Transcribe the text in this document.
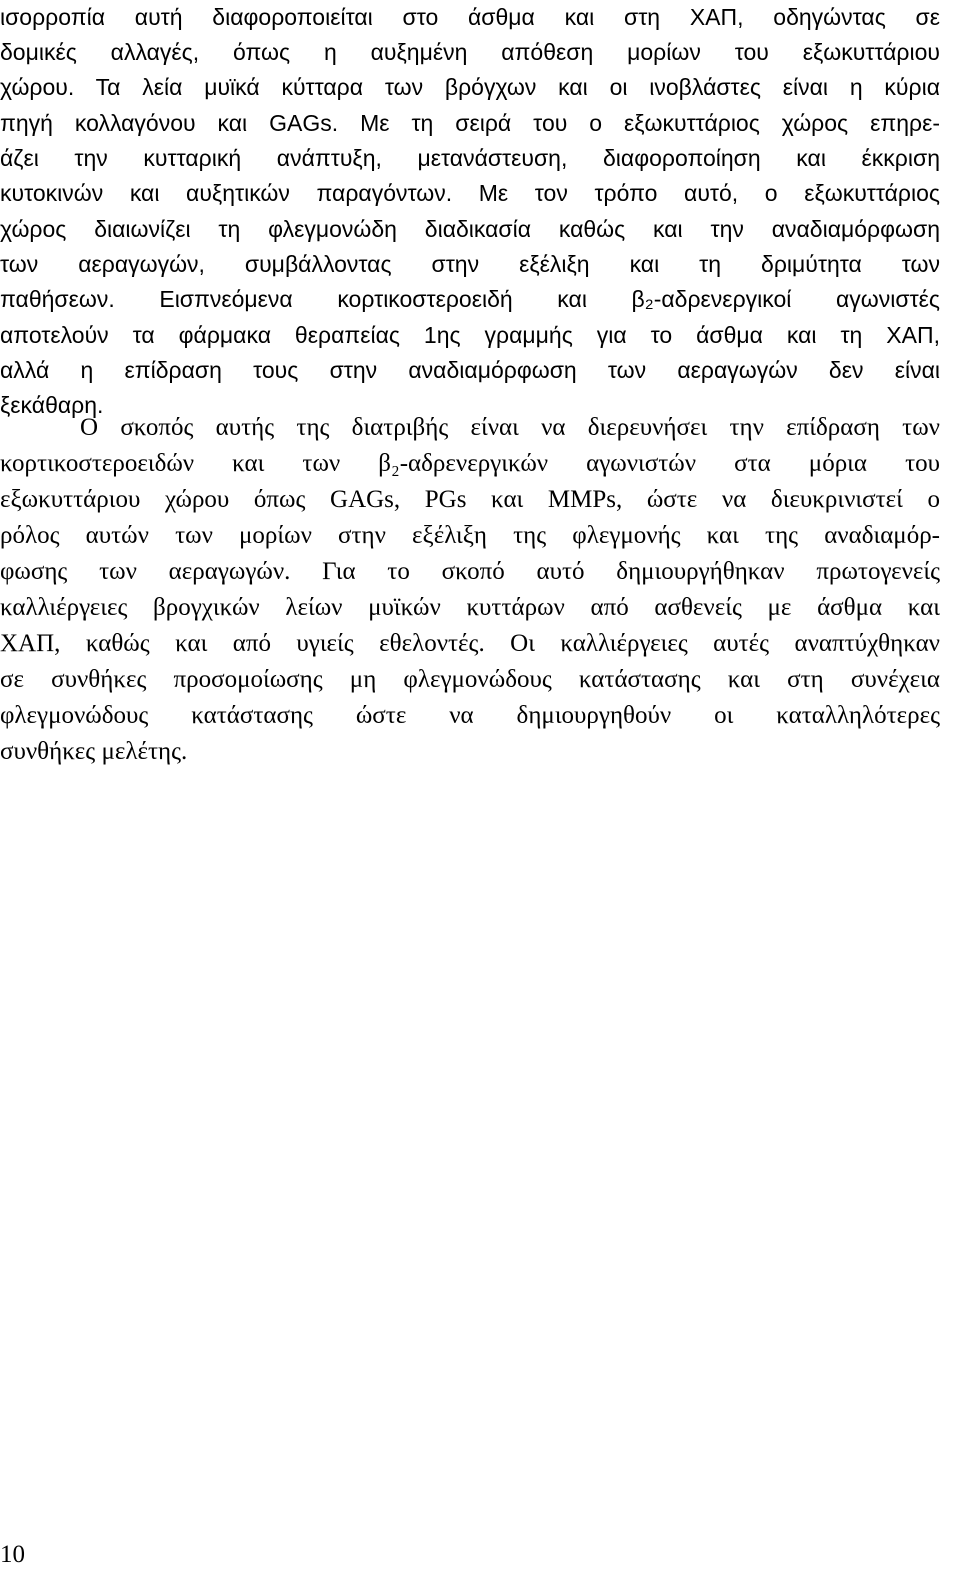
ισορροπία αυτή διαφοροποιείται στο άσθμα και στη ΧΑΠ, οδηγώντας σε
δομικές αλλαγές, όπως η αυξημένη απόθεση μορίων του εξωκυττάριου
χώρου. Τα λεία μυϊκά κύτταρα των βρόγχων και οι ινοβλάστες είναι η κύρια
πηγή κολλαγόνου και GAGs. Με τη σειρά του ο εξωκυττάριος χώρος επηρε-
άζει την κυτταρική ανάπτυξη, μετανάστευση, διαφοροποίηση και έκκριση
κυτοκινών και αυξητικών παραγόντων. Με τον τρόπο αυτό, ο εξωκυττάριος
χώρος διαιωνίζει τη φλεγμονώδη διαδικασία καθώς και την αναδιαμόρφωση
των αεραγωγών, συμβάλλοντας στην εξέλιξη και τη δριμύτητα των
παθήσεων. Εισπνεόμενα κορτικοστεροειδή και β₂-αδρενεργικοί αγωνιστές
αποτελούν τα φάρμακα θεραπείας 1ης γραμμής για το άσθμα και τη ΧΑΠ,
αλλά η επίδραση τους στην αναδιαμόρφωση των αεραγωγών δεν είναι
ξεκάθαρη.
Ο σκοπός αυτής της διατριβής είναι να διερευνήσει την επίδραση των
κορτικοστεροειδών και των β₂-αδρενεργικών αγωνιστών στα μόρια του
εξωκυττάριου χώρου όπως GAGs, PGs και MMPs, ώστε να διευκρινιστεί ο
ρόλος αυτών των μορίων στην εξέλιξη της φλεγμονής και της αναδιαμόρ-
φωσης των αεραγωγών. Για το σκοπό αυτό δημιουργήθηκαν πρωτογενείς
καλλιέργειες βρογχικών λείων μυϊκών κυττάρων από ασθενείς με άσθμα και
ΧΑΠ, καθώς και από υγιείς εθελοντές. Οι καλλιέργειες αυτές αναπτύχθηκαν
σε συνθήκες προσομοίωσης μη φλεγμονώδους κατάστασης και στη συνέχεια
φλεγμονώδους κατάστασης ώστε να δημιουργηθούν οι καταλληλότερες
συνθήκες μελέτης.
10
